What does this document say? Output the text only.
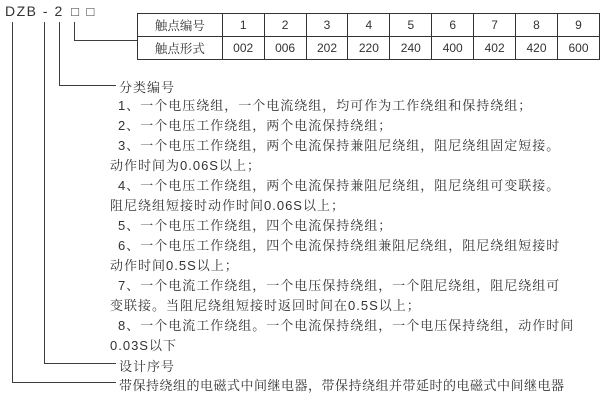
DZB - 2 □ □
触点编号	1	2	3	4	5	6	7	8	9
触点形式	002	006	202	220	240	400	402	420	600
分类编号
1、一个电压绕组，一个电流绕组，均可作为工作绕组和保持绕组；
2、一个电压工作绕组，两个电流保持绕组；
3、一个电压工作绕组，两个电流保持兼阻尼绕组，阻尼绕组固定短接。
动作时间为0.06S以上；
4、一个电压工作绕组，两个电流保持兼阻尼绕组，阻尼绕组可变联接。
阻尼绕组短接时动作时间0.06S以上；
5、一个电压工作绕组，四个电流保持绕组；
6、一个电压工作绕组，四个电流保持绕组兼阻尼绕组，阻尼绕组短接时
动作时间0.5S以上；
7、一个电流工作绕组，一个电压保持绕组，一个阻尼绕组，阻尼绕组可
变联接。当阻尼绕组短接时返回时间在0.5S以上；
8、一个电流工作绕组。一个电流保持绕组，一个电压保持绕组，动作时间
0.03S以下
设计序号
带保持绕组的电磁式中间继电器，带保持绕组并带延时的电磁式中间继电器
